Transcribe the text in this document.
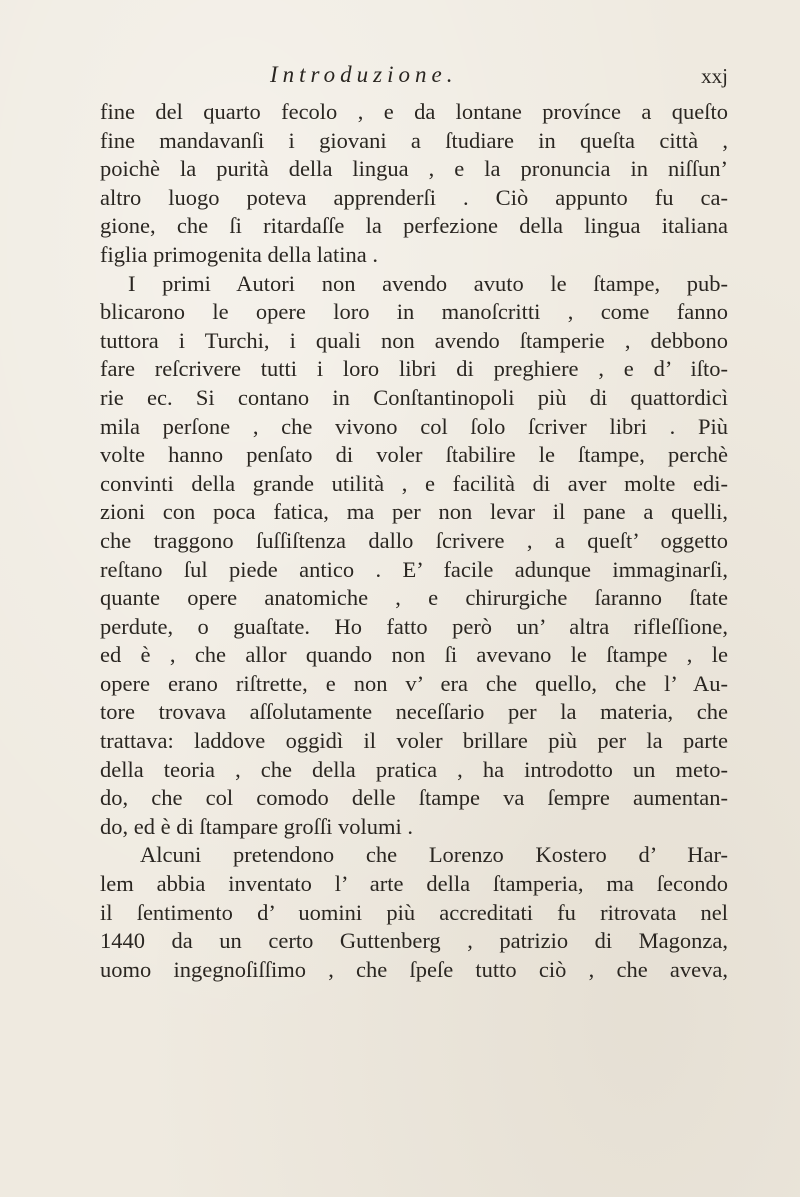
Introduzione.	xxj
fine del quarto fecolo , e da lontane provínce a queſto
fine mandavanſi i giovani a ſtudiare in queſta città ,
poichè la purità della lingua , e la pronuncia in niſſun’
altro luogo poteva apprenderſi . Ciò appunto fu ca-
gione, che ſi ritardaſſe la perfezione della lingua italiana
figlia primogenita della latina .
I primi Autori non avendo avuto le ſtampe, pub-
blicarono le opere loro in manoſcritti , come fanno
tuttora i Turchi, i quali non avendo ſtamperie , debbono
fare reſcrivere tutti i loro libri di preghiere , e d’ iſto-
rie ec. Si contano in Conſtantinopoli più di quattordicì
mila perſone , che vivono col ſolo ſcriver libri . Più
volte hanno penſato di voler ſtabilire le ſtampe, perchè
convinti della grande utilità , e facilità di aver molte edi-
zioni con poca fatica, ma per non levar il pane a quelli,
che traggono ſuſſiſtenza dallo ſcrivere , a queſt’ oggetto
reſtano ſul piede antico . E’ facile adunque immaginarſi,
quante opere anatomiche , e chirurgiche ſaranno ſtate
perdute, o guaſtate. Ho fatto però un’ altra rifleſſione,
ed è , che allor quando non ſi avevano le ſtampe , le
opere erano riſtrette, e non v’ era che quello, che l’ Au-
tore trovava aſſolutamente neceſſario per la materia, che
trattava: laddove oggidì il voler brillare più per la parte
della teoria , che della pratica , ha introdotto un meto-
do, che col comodo delle ſtampe va ſempre aumentan-
do, ed è di ſtampare groſſi volumi .
Alcuni pretendono che Lorenzo Kostero d’ Har-
lem abbia inventato l’ arte della ſtamperia, ma ſecondo
il ſentimento d’ uomini più accreditati fu ritrovata nel
1440 da un certo Guttenberg , patrizio di Magonza,
uomo ingegnoſiſſimo , che ſpeſe tutto ciò , che aveva,
